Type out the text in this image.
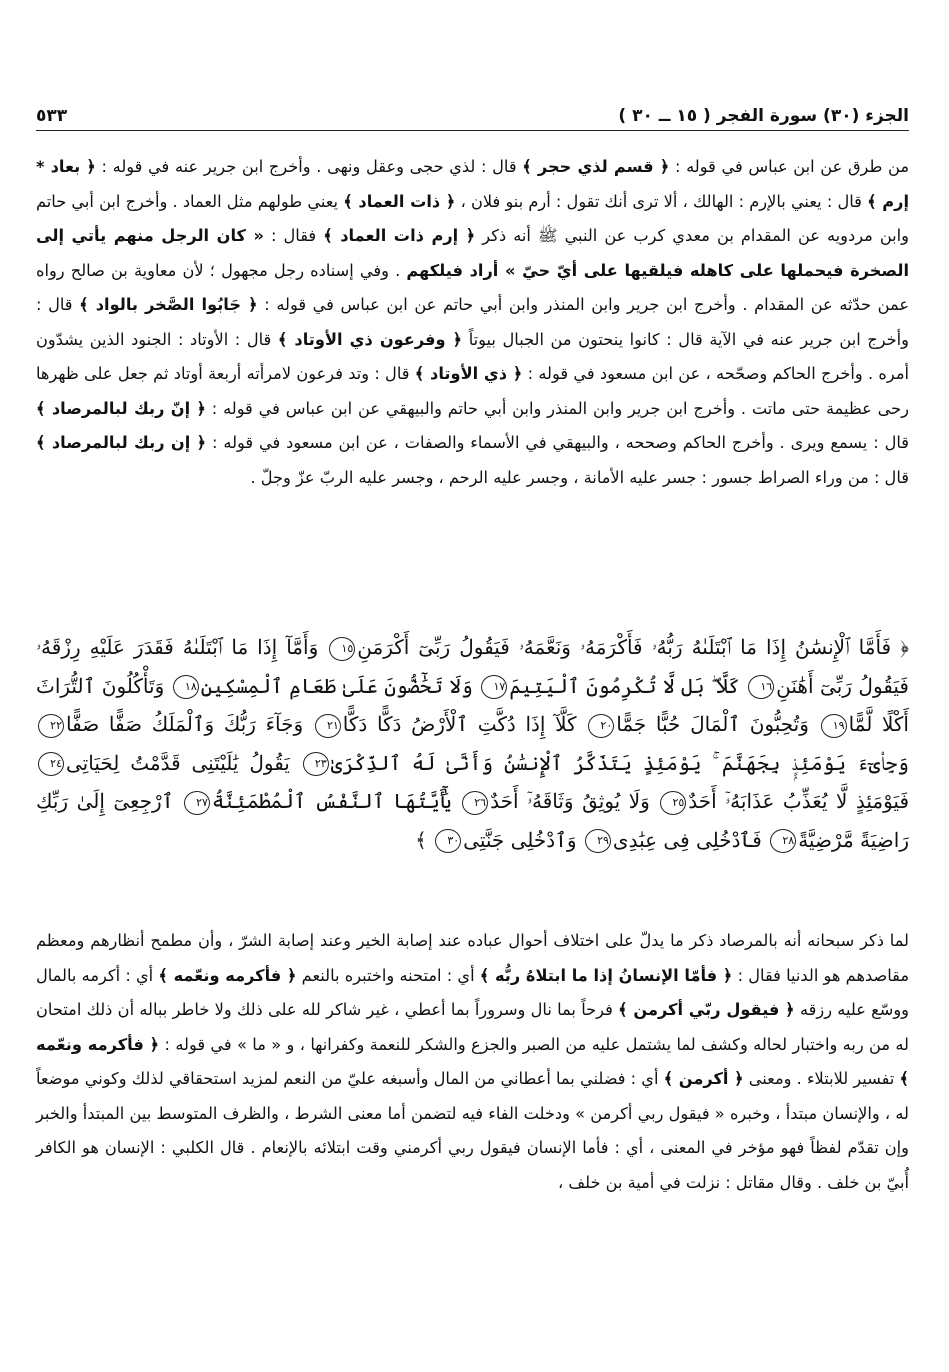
الجزء (٣٠) سورة الفجر ( ١٥ ــ ٣٠ )
٥٣٣

من طرق عن ابن عباس في قوله : ﴿ قسم لذي حجر ﴾ قال : لذي حجى وعقل ونهى . وأخرج ابن جرير عنه في قوله : ﴿ بعاد * إرم ﴾ قال : يعني بالإرم : الهالك ، ألا ترى أنك تقول : أرم بنو فلان ، ﴿ ذات العماد ﴾ يعني طولهم مثل العماد . وأخرج ابن أبي حاتم وابن مردويه عن المقدام بن معدي كرب عن النبي ﷺ أنه ذكر ﴿ إرم ذات العماد ﴾ فقال : « كان الرجل منهم يأتي إلى الصخرة فيحملها على كاهله فيلقيها على أيّ حيّ » أراد فيلكهم . وفي إسناده رجل مجهول ؛ لأن معاوية بن صالح رواه عمن حدّثه عن المقدام . وأخرج ابن جرير وابن المنذر وابن أبي حاتم عن ابن عباس في قوله : ﴿ جَابُوا الصَّخر بالواد ﴾ قال : وأخرج ابن جرير عنه في الآية قال : كانوا ينحتون من الجبال بيوتاً ﴿ وفرعون ذي الأوتاد ﴾ قال : الأوتاد : الجنود الذين يشدّون أمره . وأخرج الحاكم وصحّحه ، عن ابن مسعود في قوله : ﴿ ذي الأوتاد ﴾ قال : وتد فرعون لامرأته أربعة أوتاد ثم جعل على ظهرها رحى عظيمة حتى ماتت . وأخرج ابن جرير وابن المنذر وابن أبي حاتم والبيهقي عن ابن عباس في قوله : ﴿ إنّ ربك لبالمرصاد ﴾ قال : يسمع ويرى . وأخرج الحاكم وصححه ، والبيهقي في الأسماء والصفات ، عن ابن مسعود في قوله : ﴿ إن ربك لبالمرصاد ﴾ قال : من وراء الصراط جسور : جسر عليه الأمانة ، وجسر عليه الرحم ، وجسر عليه الربّ عزّ وجلّ .

﴿ فَأَمَّا ٱلْإِنسَٰنُ إِذَا مَا ٱبْتَلَىٰهُ رَبُّهُۥ فَأَكْرَمَهُۥ وَنَعَّمَهُۥ فَيَقُولُ رَبِّىٓ أَكْرَمَنِ١٥ وَأَمَّآ إِذَا مَا ٱبْتَلَىٰهُ فَقَدَرَ عَلَيْهِ رِزْقَهُۥ فَيَقُولُ رَبِّىٓ أَهَٰنَنِ١٦ كَلَّا ۖ بَل لَّا تُكْرِمُونَ ٱلْيَتِيمَ١٧ وَلَا تَحَٰٓضُّونَ عَلَىٰ طَعَامِ ٱلْمِسْكِينِ١٨ وَتَأْكُلُونَ ٱلتُّرَاثَ أَكْلًا لَّمًّا١٩ وَتُحِبُّونَ ٱلْمَالَ حُبًّا جَمًّا٢٠ كَلَّآ إِذَا دُكَّتِ ٱلْأَرْضُ دَكًّا دَكًّا٢١ وَجَآءَ رَبُّكَ وَٱلْمَلَكُ صَفًّا صَفًّا٢٢ وَجِا۟ىٓءَ يَوْمَئِذٍۭ بِجَهَنَّمَ ۚ يَوْمَئِذٍ يَتَذَكَّرُ ٱلْإِنسَٰنُ وَأَنَّىٰ لَهُ ٱلذِّكْرَىٰ٢٣ يَقُولُ يَٰلَيْتَنِى قَدَّمْتُ لِحَيَاتِى٢٤ فَيَوْمَئِذٍ لَّا يُعَذِّبُ عَذَابَهُۥٓ أَحَدٌ٢٥ وَلَا يُوثِقُ وَثَاقَهُۥٓ أَحَدٌ٢٦ يَٰٓأَيَّتُهَا ٱلنَّفْسُ ٱلْمُطْمَئِنَّةُ٢٧ ٱرْجِعِىٓ إِلَىٰ رَبِّكِ رَاضِيَةً مَّرْضِيَّةً٢٨ فَٱدْخُلِى فِى عِبَٰدِى٢٩ وَٱدْخُلِى جَنَّتِى٣٠ ﴾

لما ذكر سبحانه أنه بالمرصاد ذكر ما يدلّ على اختلاف أحوال عباده عند إصابة الخير وعند إصابة الشرّ ، وأن مطمح أنظارهم ومعظم مقاصدهم هو الدنيا فقال : ﴿ فأمّا الإنسانُ إذا ما ابتلاهُ ربُّه ﴾ أي : امتحنه واختبره بالنعم ﴿ فأكرمه ونعّمه ﴾ أي : أكرمه بالمال ووسّع عليه رزقه ﴿ فيقول ربّي أكرمن ﴾ فرحاً بما نال وسروراً بما أعطي ، غير شاكر لله على ذلك ولا خاطر بباله أن ذلك امتحان له من ربه واختبار لحاله وكشف لما يشتمل عليه من الصبر والجزع والشكر للنعمة وكفرانها ، و « ما » في قوله : ﴿ فأكرمه ونعّمه ﴾ تفسير للابتلاء . ومعنى ﴿ أكرمن ﴾ أي : فضلني بما أعطاني من المال وأسبغه عليّ من النعم لمزيد استحقاقي لذلك وكوني موضعاً له ، والإنسان مبتدأ ، وخبره « فيقول ربي أكرمن » ودخلت الفاء فيه لتضمن أما معنى الشرط ، والظرف المتوسط بين المبتدأ والخبر وإن تقدّم لفظاً فهو مؤخر في المعنى ، أي : فأما الإنسان فيقول ربي أكرمني وقت ابتلائه بالإنعام . قال الكلبي : الإنسان هو الكافر أُبيّ بن خلف . وقال مقاتل : نزلت في أمية بن خلف ،
